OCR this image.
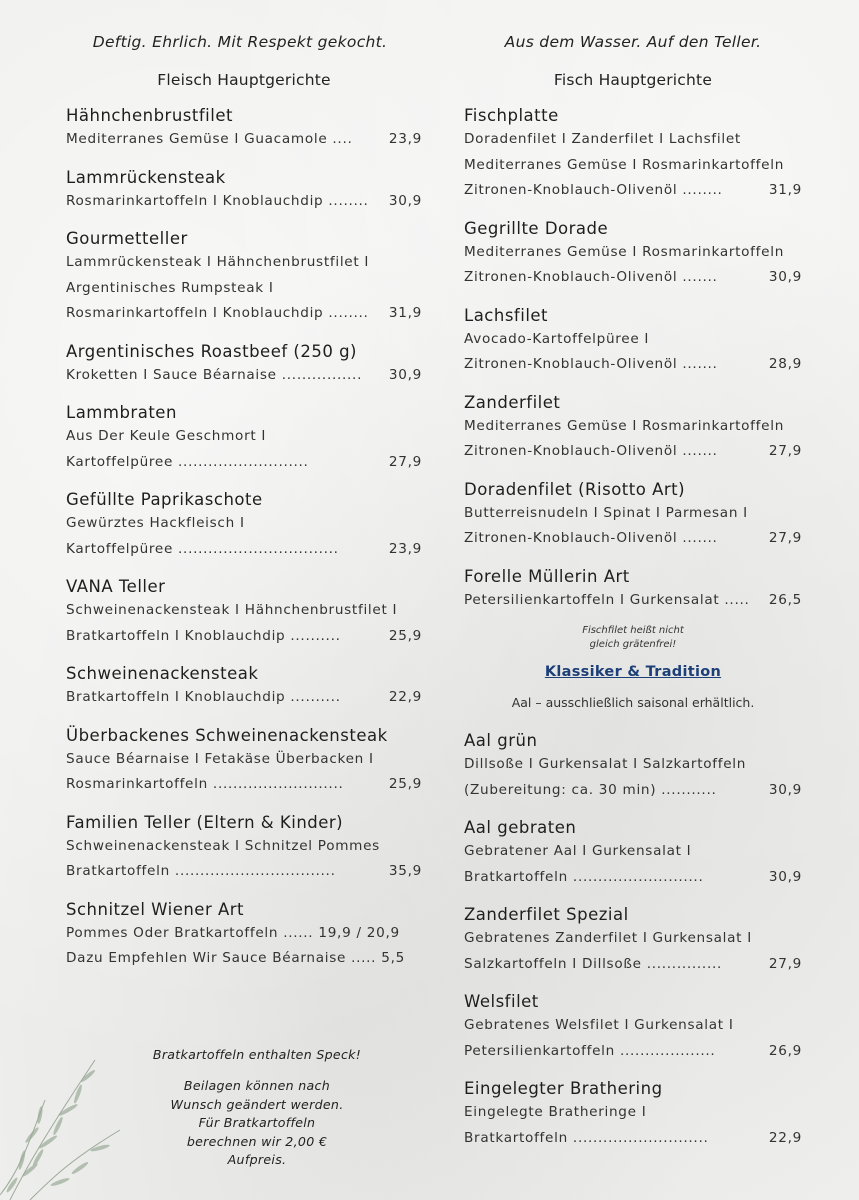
Deftig. Ehrlich. Mit Respekt gekocht.
Fleisch Hauptgerichte
Hähnchenbrustfilet
Mediterranes Gemüse I Guacamole ....	23,9
Lammrückensteak
Rosmarinkartoffeln I Knoblauchdip ........ 30,9
Gourmetteller
Lammrückensteak I Hähnchenbrustfilet I
Argentinisches Rumpsteak I
Rosmarinkartoffeln I Knoblauchdip ........ 31,9
Argentinisches Roastbeef (250 g)
Kroketten I Sauce Béarnaise ................ 30,9
Lammbraten
Aus Der Keule Geschmort I
Kartoffelpüree ..........................	27,9
Gefüllte Paprikaschote
Gewürztes Hackfleisch I
Kartoffelpüree ................................	23,9
VANA Teller
Schweinenackensteak I Hähnchenbrustfilet I
Bratkartoffeln I Knoblauchdip ..........	25,9
Schweinenackensteak
Bratkartoffeln I Knoblauchdip ..........	22,9
Überbackenes Schweinenackensteak
Sauce Béarnaise I Fetakäse Überbacken I
Rosmarinkartoffeln ..........................	25,9
Familien Teller (Eltern & Kinder)
Schweinenackensteak I Schnitzel Pommes
Bratkartoffeln ................................	35,9
Schnitzel Wiener Art
Pommes Oder Bratkartoffeln ...... 19,9 / 20,9
Dazu Empfehlen Wir Sauce Béarnaise ..... 5,5
Bratkartoffeln enthalten Speck!
Beilagen können nach
Wunsch geändert werden.
Für Bratkartoffeln
berechnen wir 2,00 €
Aufpreis.
Aus dem Wasser. Auf den Teller.
Fisch Hauptgerichte
Fischplatte
Doradenfilet I Zanderfilet I Lachsfilet
Mediterranes Gemüse I Rosmarinkartoffeln
Zitronen-Knoblauch-Olivenöl ........	31,9
Gegrillte Dorade
Mediterranes Gemüse I Rosmarinkartoffeln
Zitronen-Knoblauch-Olivenöl .......	30,9
Lachsfilet
Avocado-Kartoffelpüree I
Zitronen-Knoblauch-Olivenöl .......	28,9
Zanderfilet
Mediterranes Gemüse I Rosmarinkartoffeln
Zitronen-Knoblauch-Olivenöl .......	27,9
Doradenfilet (Risotto Art)
Butterreisnudeln I Spinat I Parmesan I
Zitronen-Knoblauch-Olivenöl .......	27,9
Forelle Müllerin Art
Petersilienkartoffeln I Gurkensalat ..... 26,5
Fischfilet heißt nicht
gleich grätenfrei!
Klassiker & Tradition
Aal – ausschließlich saisonal erhältlich.
Aal grün
Dillsoße I Gurkensalat I Salzkartoffeln
(Zubereitung: ca. 30 min) ...........	30,9
Aal gebraten
Gebratener Aal I Gurkensalat I
Bratkartoffeln ..........................	30,9
Zanderfilet Spezial
Gebratenes Zanderfilet I Gurkensalat I
Salzkartoffeln I Dillsoße ...............	27,9
Welsfilet
Gebratenes Welsfilet I Gurkensalat I
Petersilienkartoffeln ...................	26,9
Eingelegter Brathering
Eingelegte Bratheringe I
Bratkartoffeln ...........................	22,9
